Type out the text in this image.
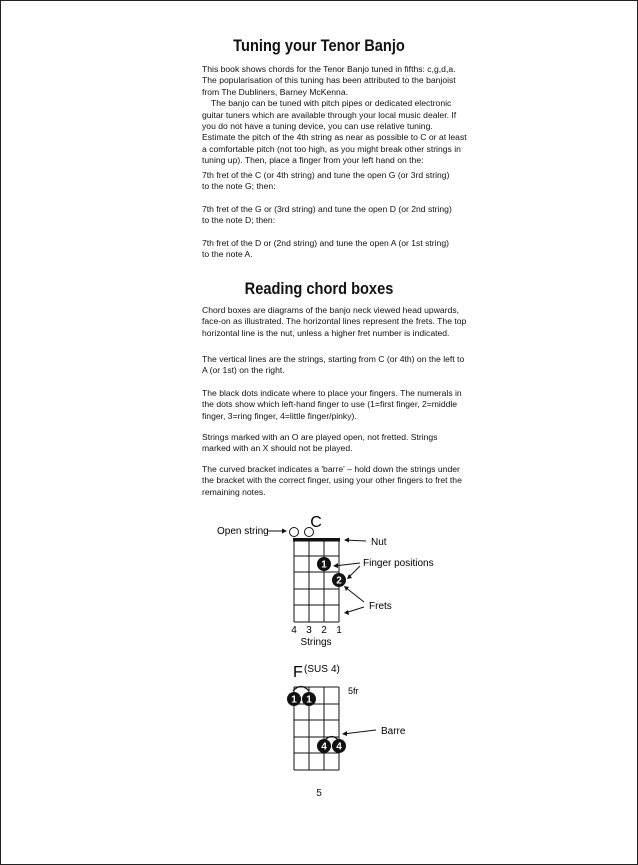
Tuning your Tenor Banjo

This book shows chords for the Tenor Banjo tuned in fifths: c,g,d,a. The popularisation of this tuning has been attributed to the banjoist from The Dubliners, Barney McKenna.

The banjo can be tuned with pitch pipes or dedicated electronic guitar tuners which are available through your local music dealer. If you do not have a tuning device, you can use relative tuning. Estimate the pitch of the 4th string as near as possible to C or at least a comfortable pitch (not too high, as you might break other strings in tuning up). Then, place a finger from your left hand on the:

7th fret of the C (or 4th string) and tune the open G (or 3rd string)

to the note G; then:

7th fret of the G or (3rd string) and tune the open D (or 2nd string)

to the note D; then:

7th fret of the D or (2nd string) and tune the open A (or 1st string)

to the note A.

Reading chord boxes
Chord boxes are diagrams of the banjo neck viewed head upwards, face-on as illustrated. The horizontal lines represent the frets. The top horizontal line is the nut, unless a higher fret number is indicated.
The vertical lines are the strings, starting from C (or 4th) on the left to A (or 1st) on the right.
The black dots indicate where to place your fingers. The numerals in the dots show which left-hand finger to use (1=first finger, 2=middle finger, 3=ring finger, 4=little finger/pinky).
Strings marked with an O are played open, not fretted. Strings marked with an X should not be played.
The curved bracket indicates a 'barre' – hold down the strings under the bracket with the correct finger, using your other fingers to fret the remaining notes.
1
2
C
Open string
Nut
Finger positions
Frets
4 3 2 1
Strings
F (SUS 4)
5fr
1 1
4 4
Barre
5
